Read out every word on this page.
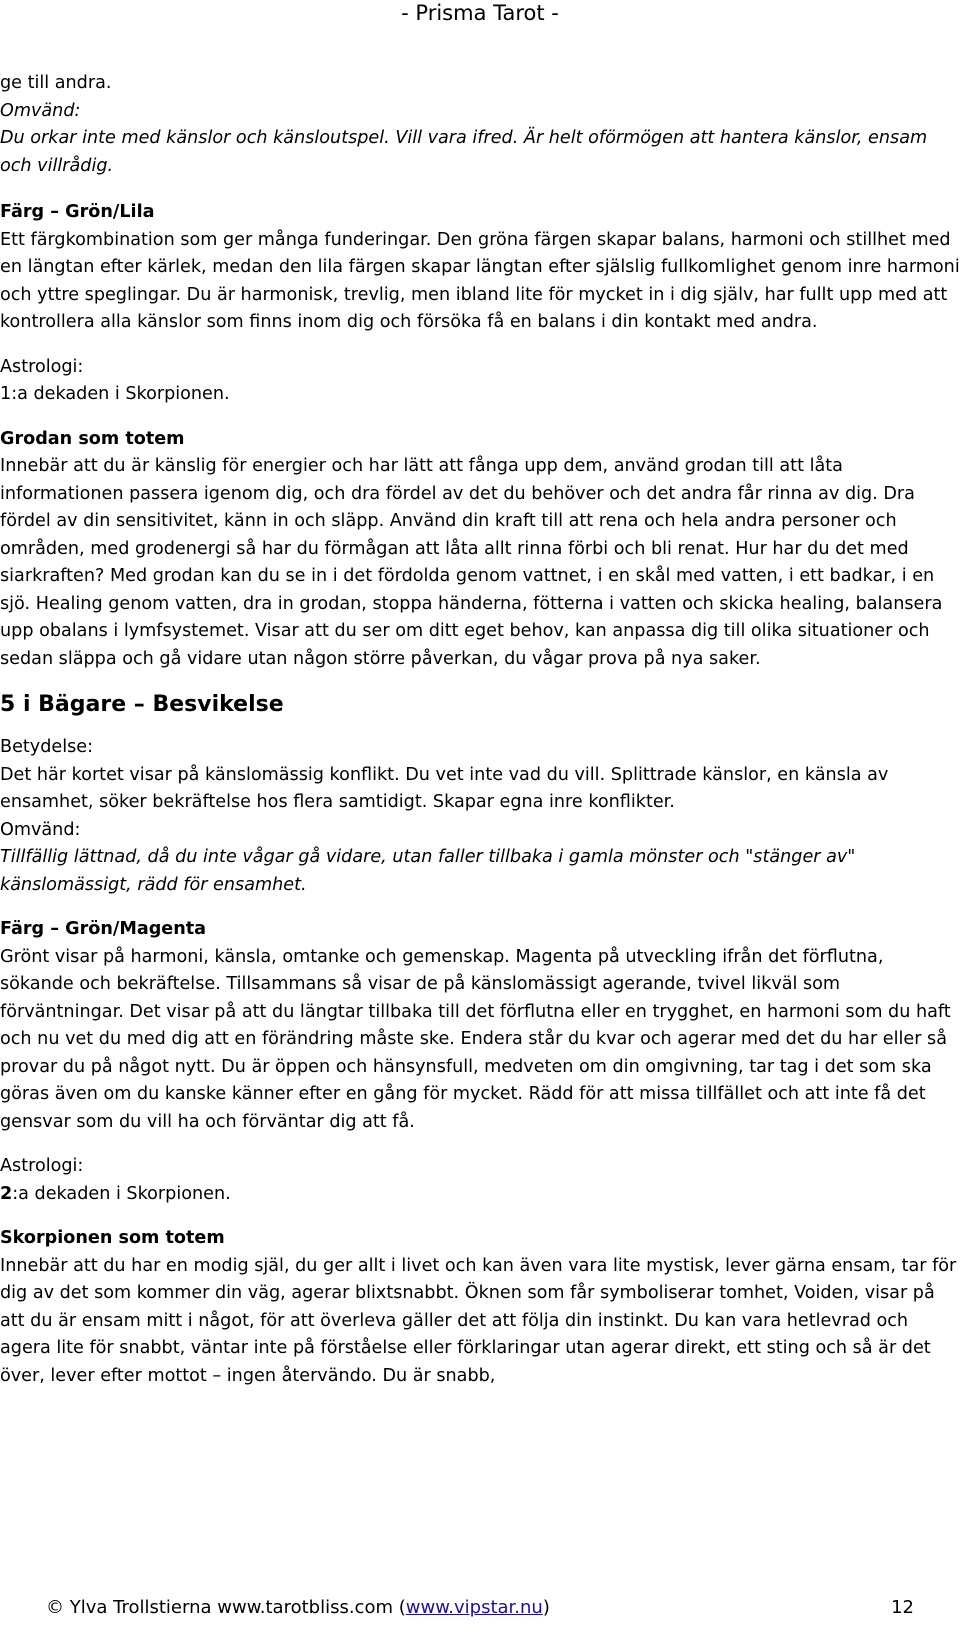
- Prisma Tarot -

ge till andra.

Omvänd:

Du orkar inte med känslor och känsloutspel. Vill vara ifred. Är helt oförmögen att hantera känslor, ensam och villrådig.

Färg – Grön/Lila

Ett färgkombination som ger många funderingar. Den gröna färgen skapar balans, harmoni och stillhet med en längtan efter kärlek, medan den lila färgen skapar längtan efter själslig fullkomlighet genom inre harmoni och yttre speglingar. Du är harmonisk, trevlig, men ibland lite för mycket in i dig själv, har fullt upp med att kontrollera alla känslor som finns inom dig och försöka få en balans i din kontakt med andra.

Astrologi:

1:a dekaden i Skorpionen.

Grodan som totem

Innebär att du är känslig för energier och har lätt att fånga upp dem, använd grodan till att låta informationen passera igenom dig, och dra fördel av det du behöver och det andra får rinna av dig. Dra fördel av din sensitivitet, känn in och släpp. Använd din kraft till att rena och hela andra personer och områden, med grodenergi så har du förmågan att låta allt rinna förbi och bli renat. Hur har du det med siarkraften? Med grodan kan du se in i det fördolda genom vattnet, i en skål med vatten, i ett badkar, i en sjö. Healing genom vatten, dra in grodan, stoppa händerna, fötterna i vatten och skicka healing, balansera upp obalans i lymfsystemet. Visar att du ser om ditt eget behov, kan anpassa dig till olika situationer och sedan släppa och gå vidare utan någon större påverkan, du vågar prova på nya saker.

5 i Bägare – Besvikelse

Betydelse:

Det här kortet visar på känslomässig konflikt. Du vet inte vad du vill. Splittrade känslor, en känsla av ensamhet, söker bekräftelse hos flera samtidigt. Skapar egna inre konflikter.

Omvänd:

Tillfällig lättnad, då du inte vågar gå vidare, utan faller tillbaka i gamla mönster och "stänger av" känslomässigt, rädd för ensamhet.

Färg – Grön/Magenta

Grönt visar på harmoni, känsla, omtanke och gemenskap. Magenta på utveckling ifrån det förflutna, sökande och bekräftelse. Tillsammans så visar de på känslomässigt agerande, tvivel likväl som förväntningar. Det visar på att du längtar tillbaka till det förflutna eller en trygghet, en harmoni som du haft och nu vet du med dig att en förändring måste ske. Endera står du kvar och agerar med det du har eller så provar du på något nytt. Du är öppen och hänsynsfull, medveten om din omgivning, tar tag i det som ska göras även om du kanske känner efter en gång för mycket. Rädd för att missa tillfället och att inte få det gensvar som du vill ha och förväntar dig att få.

Astrologi:

2:a dekaden i Skorpionen.

Skorpionen som totem

Innebär att du har en modig själ, du ger allt i livet och kan även vara lite mystisk, lever gärna ensam, tar för dig av det som kommer din väg, agerar blixtsnabbt. Öknen som får symboliserar tomhet, Voiden, visar på att du är ensam mitt i något, för att överleva gäller det att följa din instinkt. Du kan vara hetlevrad och agera lite för snabbt, väntar inte på förståelse eller förklaringar utan agerar direkt, ett sting och så är det över, lever efter mottot – ingen återvändo. Du är snabb,

© Ylva Trollstierna www.tarotbliss.com (www.vipstar.nu)	12
